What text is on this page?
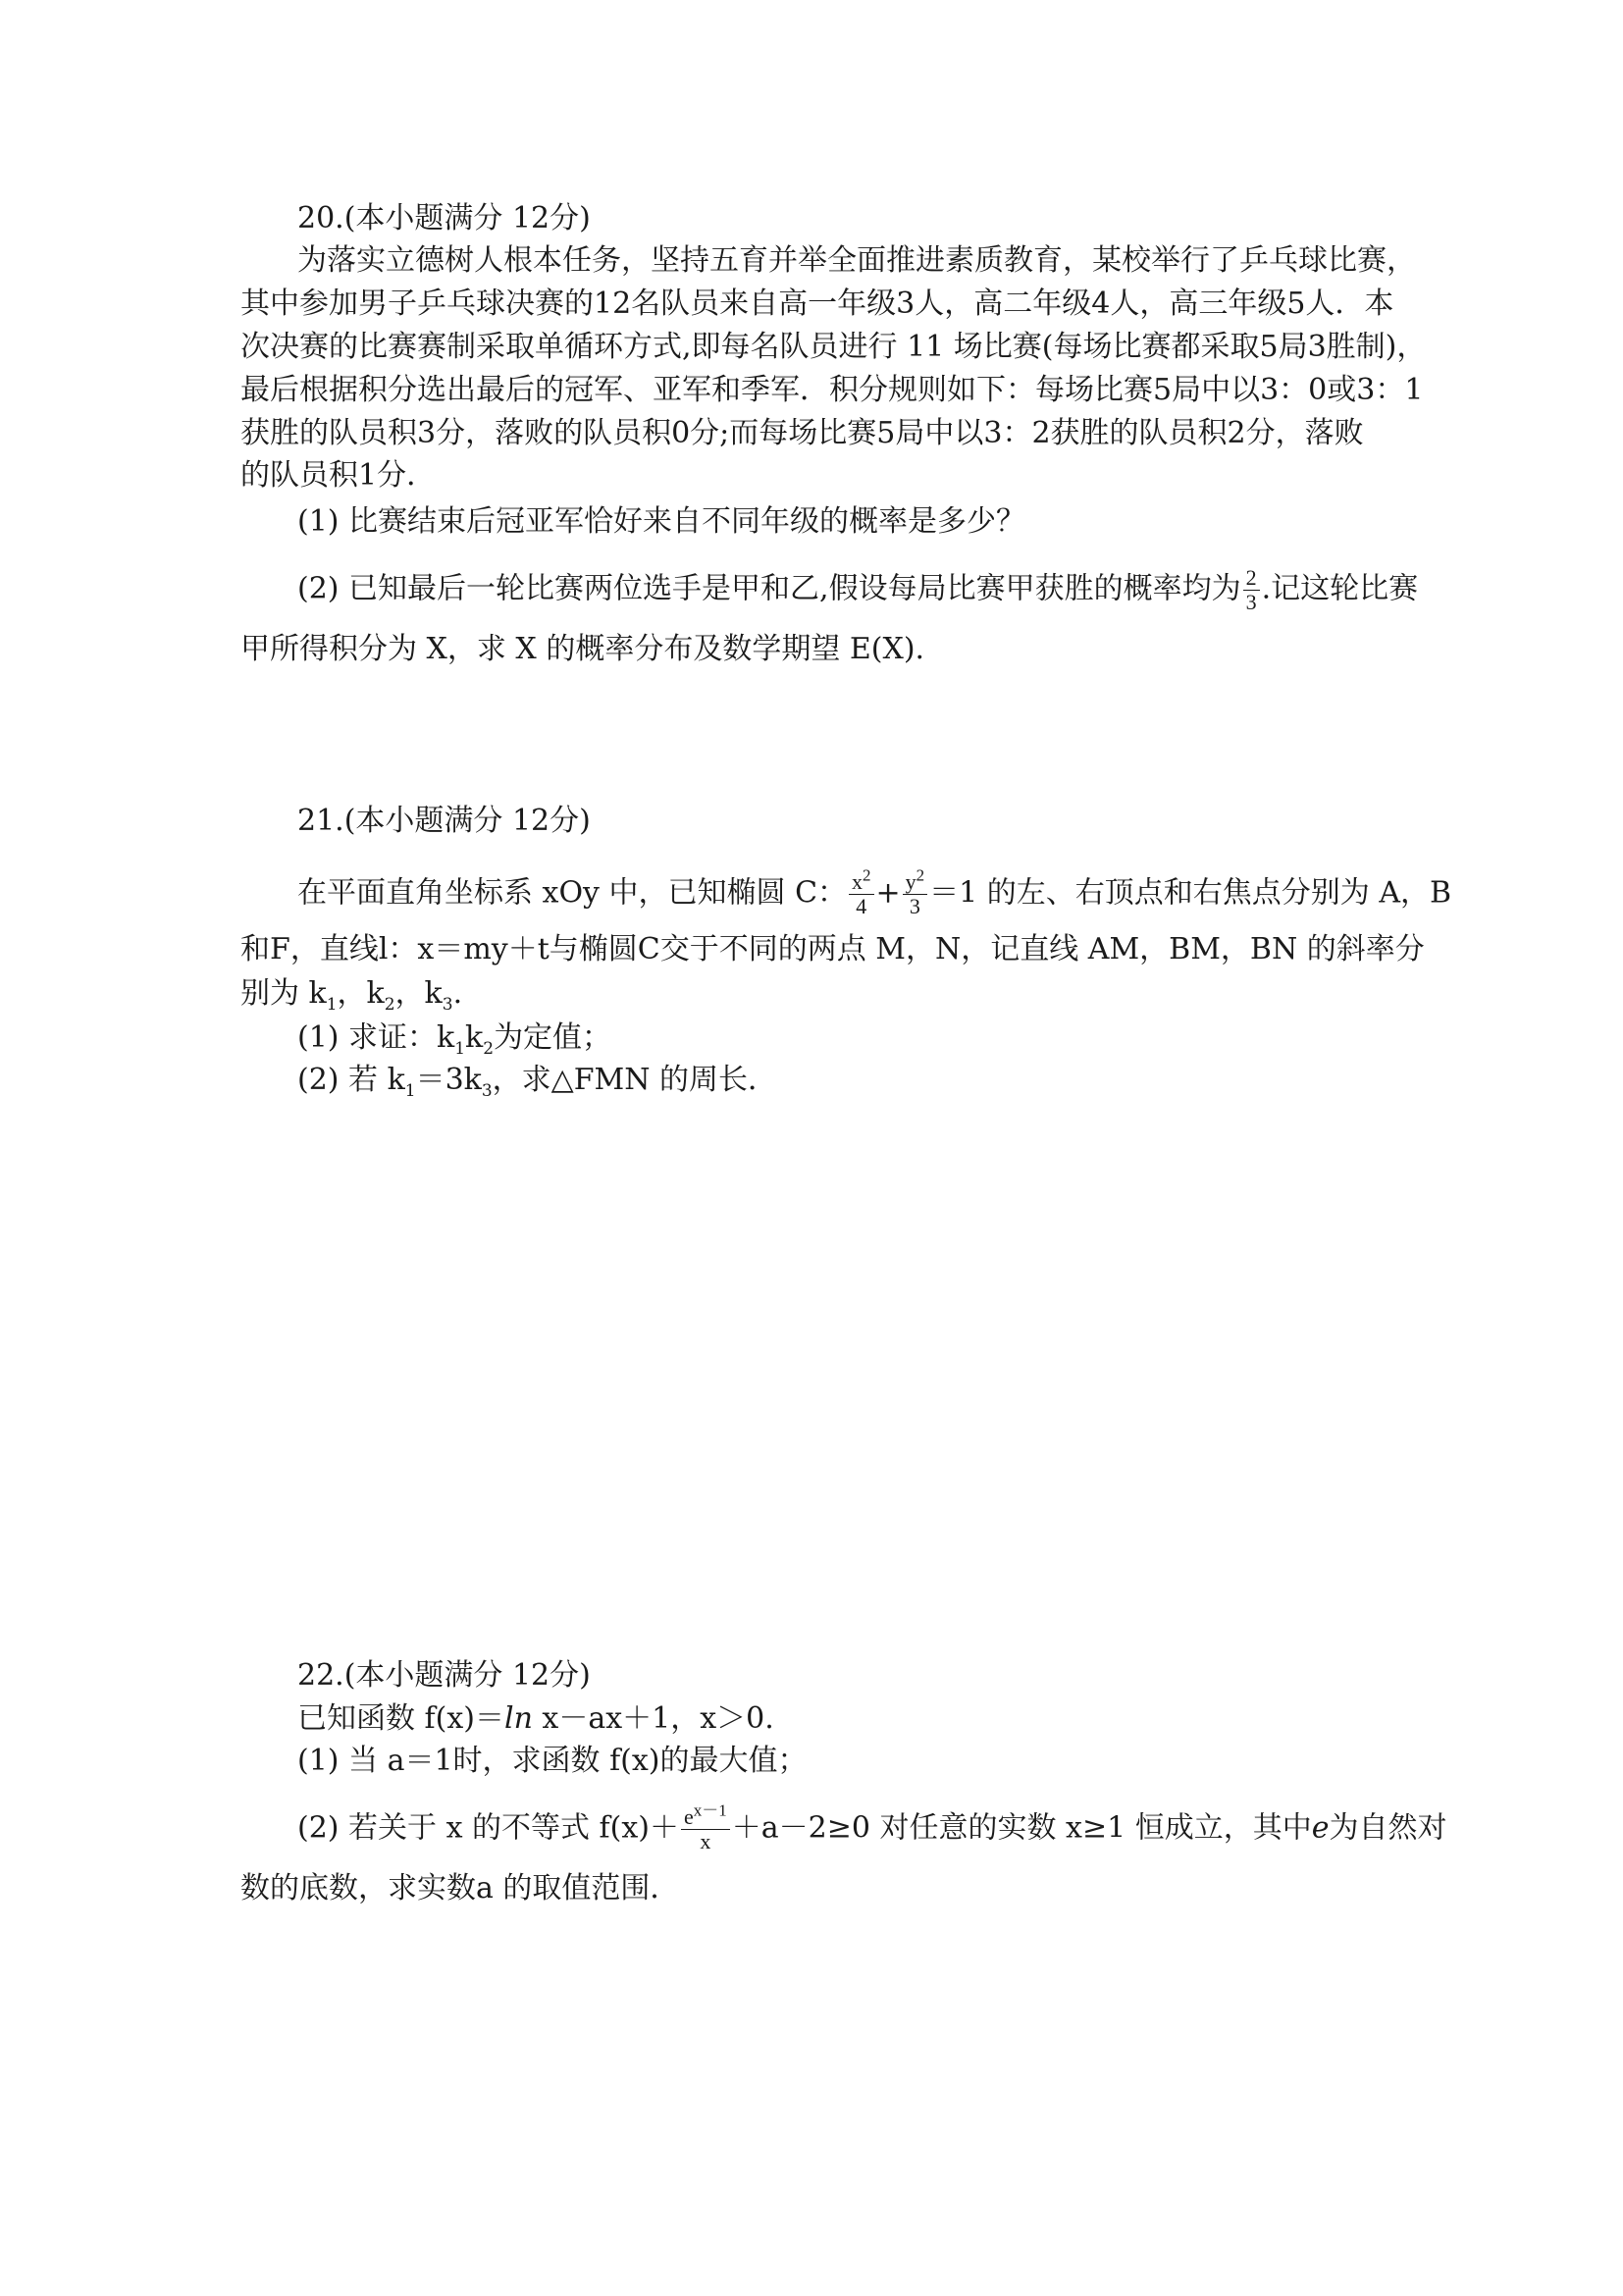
20.(本小题满分 12分)
为落实立德树人根本任务，坚持五育并举全面推进素质教育，某校举行了乒乓球比赛，
其中参加男子乒乓球决赛的12名队员来自高一年级3人，高二年级4人，高三年级5人．本
次决赛的比赛赛制采取单循环方式,即每名队员进行 11 场比赛(每场比赛都采取5局3胜制)，
最后根据积分选出最后的冠军、亚军和季军．积分规则如下：每场比赛5局中以3：0或3：1
获胜的队员积3分，落败的队员积0分;而每场比赛5局中以3：2获胜的队员积2分，落败
的队员积1分．
(1) 比赛结束后冠亚军恰好来自不同年级的概率是多少？
(2) 已知最后一轮比赛两位选手是甲和乙,假设每局比赛甲获胜的概率均为 $\frac{2}{3}$ .记这轮比赛
甲所得积分为 X，求 X 的概率分布及数学期望 E(X).
21.(本小题满分 12分)
在平面直角坐标系 xOy 中，已知椭圆 C： $\frac{x^2}{4} + \frac{y^2}{3} =1$ 的左、右顶点和右焦点分别为 A，B
和F，直线l：x＝my＋t与椭圆C交于不同的两点 M，N，记直线 AM，BM，BN 的斜率分
别为 $k_1$，$k_2$，$k_3$.
(1) 求证：$k_1k_2$为定值；
(2) 若 $k_1=3k_3$，求△FMN 的周长．
22.(本小题满分 12分)
已知函数 f(x)＝ln x－ax＋1，x＞0.
(1) 当 a＝1时，求函数 f(x)的最大值；
(2) 若关于 x 的不等式 $f(x)+ \frac{e^{x-1}}{x} +a-2\ge 0$ 对任意的实数 x≥1 恒成立，其中e为自然对
数的底数，求实数a 的取值范围．
